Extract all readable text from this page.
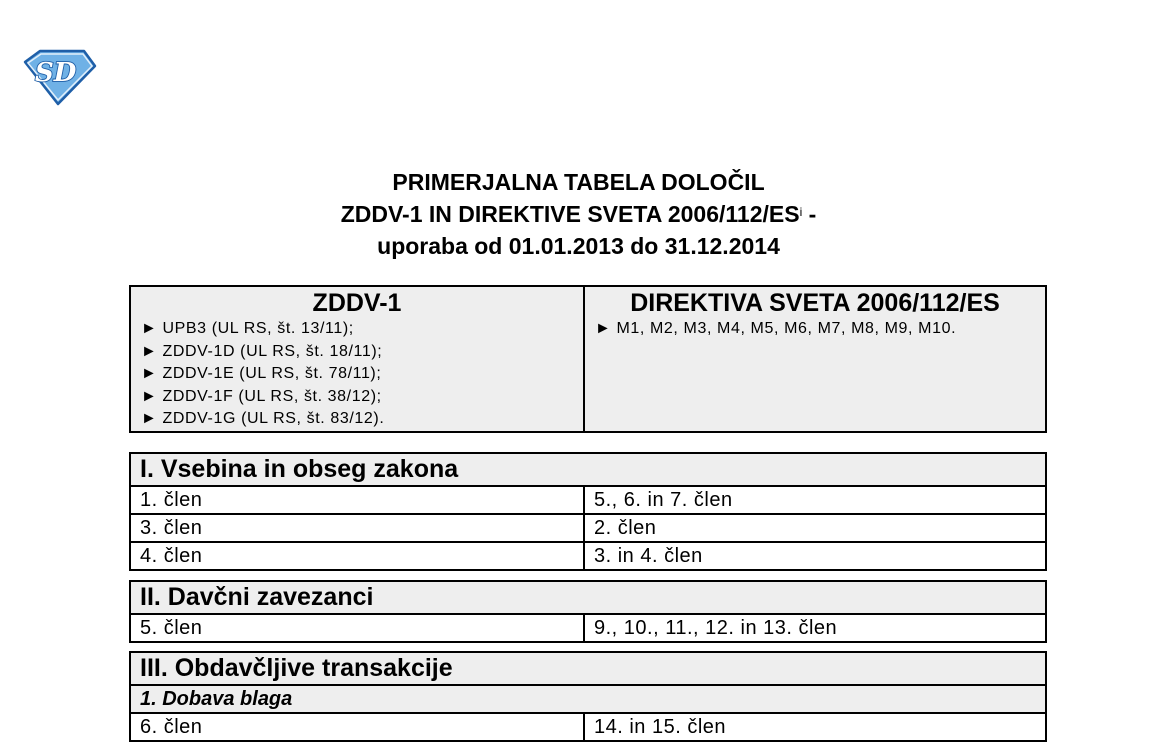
SD
PRIMERJALNA TABELA DOLOČIL
ZDDV-1 IN DIREKTIVE SVETA $2006/112/ES^i$ -
uporaba od 01.01.2013 do 31.12.2014
ZDDV-1
► UPB3 (UL RS, št. 13/11);
► ZDDV-1D (UL RS, št. 18/11);
► ZDDV-1E (UL RS, št. 78/11);
► ZDDV-1F (UL RS, št. 38/12);
► ZDDV-1G (UL RS, št. 83/12).

DIREKTIVA SVETA 2006/112/ES
► M1, M2, M3, M4, M5, M6, M7, M8, M9, M10.
I. Vsebina in obseg zakona	
1. člen	5., 6. in 7. člen
3. člen	2. člen
4. člen	3. in 4. člen
II. Davčni zavezanci
5. člen	9., 10., 11., 12. in 13. člen
III. Obdavčljive transakcije
1. Dobava blaga
6. člen	14. in 15. člen
